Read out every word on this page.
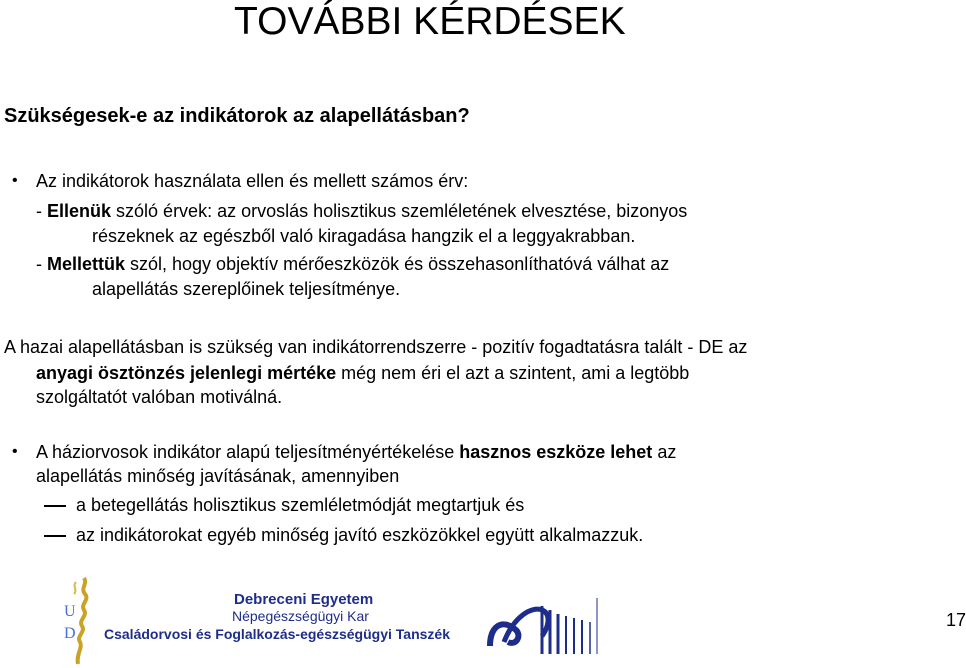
TOVÁBBI KÉRDÉSEK
Szükségesek-e az indikátorok az alapellátásban?
• Az indikátorok használata ellen és mellett számos érv:
- Ellenük szóló érvek: az orvoslás holisztikus szemléletének elvesztése, bizonyos
részeknek az egészből való kiragadása hangzik el a leggyakrabban.
- Mellettük szól, hogy objektív mérőeszközök és összehasonlíthatóvá válhat az
alapellátás szereplőinek teljesítménye.
A hazai alapellátásban is szükség van indikátorrendszerre - pozitív fogadtatásra talált - DE az
anyagi ösztönzés jelenlegi mértéke még nem éri el azt a szintent, ami a legtöbb
szolgáltatót valóban motiválná.
• A háziorvosok indikátor alapú teljesítményértékelése hasznos eszköze lehet az
alapellátás minőség javításának, amennyiben
a betegellátás holisztikus szemléletmódját megtartjuk és
az indikátorokat egyéb minőség javító eszközökkel együtt alkalmazzuk.
U
D
Debreceni Egyetem
Népegészségügyi Kar
Családorvosi és Foglalkozás-egészségügyi Tanszék
17
